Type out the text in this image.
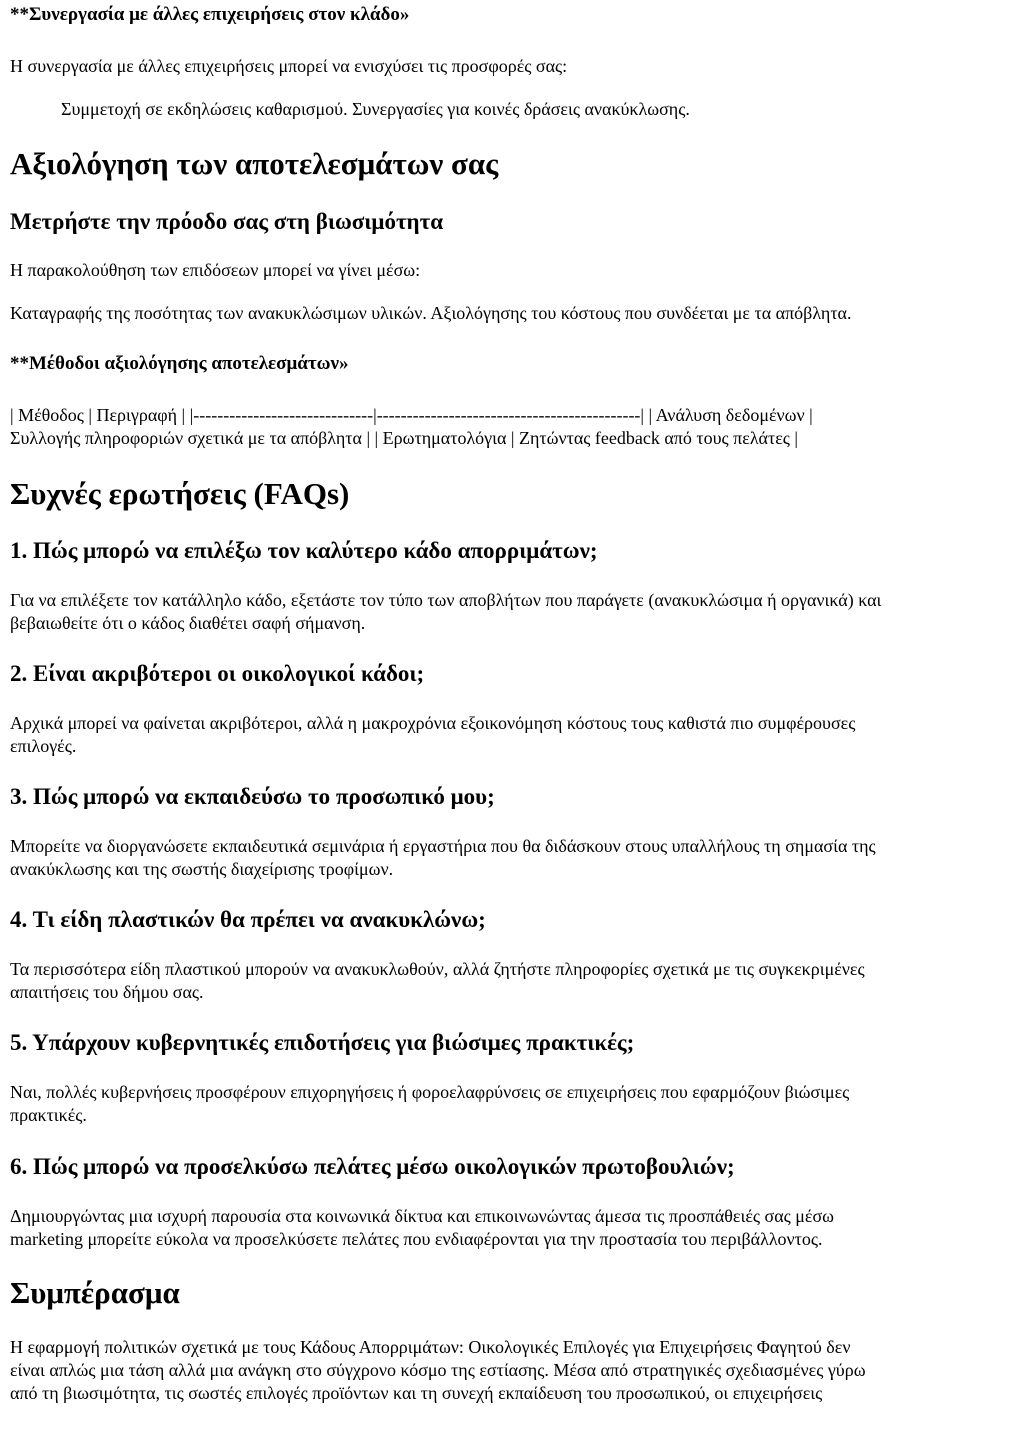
**Συνεργασία με άλλες επιχειρήσεις στον κλάδο»

Η συνεργασία με άλλες επιχειρήσεις μπορεί να ενισχύσει τις προσφορές σας:

Συμμετοχή σε εκδηλώσεις καθαρισμού. Συνεργασίες για κοινές δράσεις ανακύκλωσης.

Αξιολόγηση των αποτελεσμάτων σας
Μετρήστε την πρόοδο σας στη βιωσιμότητα

Η παρακολούθηση των επιδόσεων μπορεί να γίνει μέσω:

Καταγραφής της ποσότητας των ανακυκλώσιμων υλικών. Αξιολόγησης του κόστους που συνδέεται με τα απόβλητα.

**Μέθοδοι αξιολόγησης αποτελεσμάτων»

| Μέθοδος | Περιγραφή | |------------------------------|--------------------------------------------| | Ανάλυση δεδομένων |
Συλλογής πληροφοριών σχετικά με τα απόβλητα | | Ερωτηματολόγια | Ζητώντας feedback από τους πελάτες |

Συχνές ερωτήσεις (FAQs)
1. Πώς μπορώ να επιλέξω τον καλύτερο κάδο απορριμάτων;

Για να επιλέξετε τον κατάλληλο κάδο, εξετάστε τον τύπο των αποβλήτων που παράγετε (ανακυκλώσιμα ή οργανικά) και
βεβαιωθείτε ότι ο κάδος διαθέτει σαφή σήμανση.

2. Είναι ακριβότεροι οι οικολογικοί κάδοι;

Αρχικά μπορεί να φαίνεται ακριβότεροι, αλλά η μακροχρόνια εξοικονόμηση κόστους τους καθιστά πιο συμφέρουσες
επιλογές.

3. Πώς μπορώ να εκπαιδεύσω το προσωπικό μου;

Μπορείτε να διοργανώσετε εκπαιδευτικά σεμινάρια ή εργαστήρια που θα διδάσκουν στους υπαλλήλους τη σημασία της
ανακύκλωσης και της σωστής διαχείρισης τροφίμων.

4. Τι είδη πλαστικών θα πρέπει να ανακυκλώνω;

Τα περισσότερα είδη πλαστικού μπορούν να ανακυκλωθούν, αλλά ζητήστε πληροφορίες σχετικά με τις συγκεκριμένες
απαιτήσεις του δήμου σας.

5. Υπάρχουν κυβερνητικές επιδοτήσεις για βιώσιμες πρακτικές;

Ναι, πολλές κυβερνήσεις προσφέρουν επιχορηγήσεις ή φοροελαφρύνσεις σε επιχειρήσεις που εφαρμόζουν βιώσιμες
πρακτικές.

6. Πώς μπορώ να προσελκύσω πελάτες μέσω οικολογικών πρωτοβουλιών;

Δημιουργώντας μια ισχυρή παρουσία στα κοινωνικά δίκτυα και επικοινωνώντας άμεσα τις προσπάθειές σας μέσω
marketing μπορείτε εύκολα να προσελκύσετε πελάτες που ενδιαφέρονται για την προστασία του περιβάλλοντος.

Συμπέρασμα

Η εφαρμογή πολιτικών σχετικά με τους Κάδους Απορριμάτων: Οικολογικές Επιλογές για Επιχειρήσεις Φαγητού δεν
είναι απλώς μια τάση αλλά μια ανάγκη στο σύγχρονο κόσμο της εστίασης. Μέσα από στρατηγικές σχεδιασμένες γύρω
από τη βιωσιμότητα, τις σωστές επιλογές προϊόντων και τη συνεχή εκπαίδευση του προσωπικού, οι επιχειρήσεις
